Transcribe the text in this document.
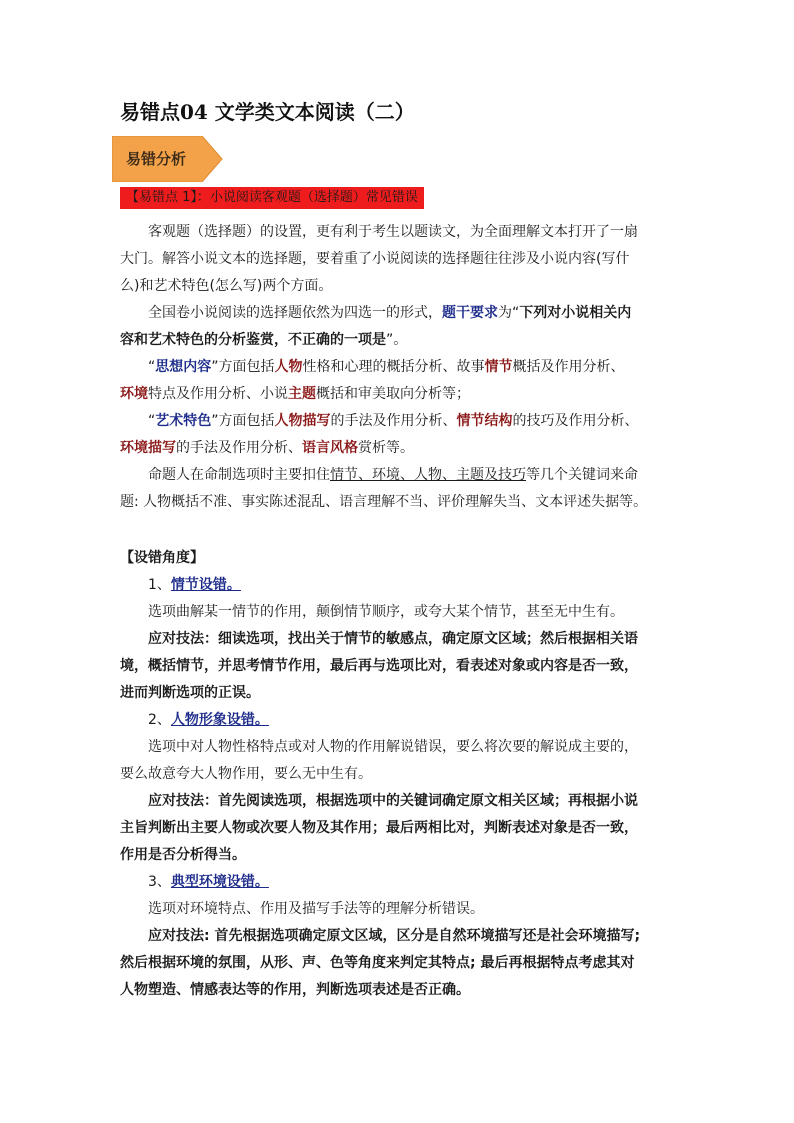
易错点04 文学类文本阅读（二）
易错分析
【易错点 1】：小说阅读客观题（选择题）常见错误
客观题（选择题）的设置，更有利于考生以题读文，为全面理解文本打开了一扇
大门。解答小说文本的选择题，要着重了小说阅读的选择题往往涉及小说内容(写什
么)和艺术特色(怎么写)两个方面。
全国卷小说阅读的选择题依然为四选一的形式，题干要求为“下列对小说相关内
容和艺术特色的分析鉴赏，不正确的一项是”。
“思想内容”方面包括人物性格和心理的概括分析、故事情节概括及作用分析、
环境特点及作用分析、小说主题概括和审美取向分析等；
“艺术特色”方面包括人物描写的手法及作用分析、情节结构的技巧及作用分析、
环境描写的手法及作用分析、语言风格赏析等。
命题人在命制选项时主要扣住情节、环境、人物、主题及技巧等几个关键词来命
题: 人物概括不准、事实陈述混乱、语言理解不当、评价理解失当、文本评述失据等。
【设错角度】
1、情节设错。
选项曲解某一情节的作用，颠倒情节顺序，或夸大某个情节，甚至无中生有。
应对技法：细读选项，找出关于情节的敏感点，确定原文区域；然后根据相关语
境，概括情节，并思考情节作用，最后再与选项比对，看表述对象或内容是否一致，
进而判断选项的正误。
2、人物形象设错。
选项中对人物性格特点或对人物的作用解说错误，要么将次要的解说成主要的，
要么故意夸大人物作用，要么无中生有。
应对技法：首先阅读选项，根据选项中的关键词确定原文相关区域；再根据小说
主旨判断出主要人物或次要人物及其作用；最后两相比对，判断表述对象是否一致，
作用是否分析得当。
3、典型环境设错。
选项对环境特点、作用及描写手法等的理解分析错误。
应对技法: 首先根据选项确定原文区域，区分是自然环境描写还是社会环境描写;
然后根据环境的氛围，从形、声、色等角度来判定其特点; 最后再根据特点考虑其对
人物塑造、情感表达等的作用，判断选项表述是否正确。
